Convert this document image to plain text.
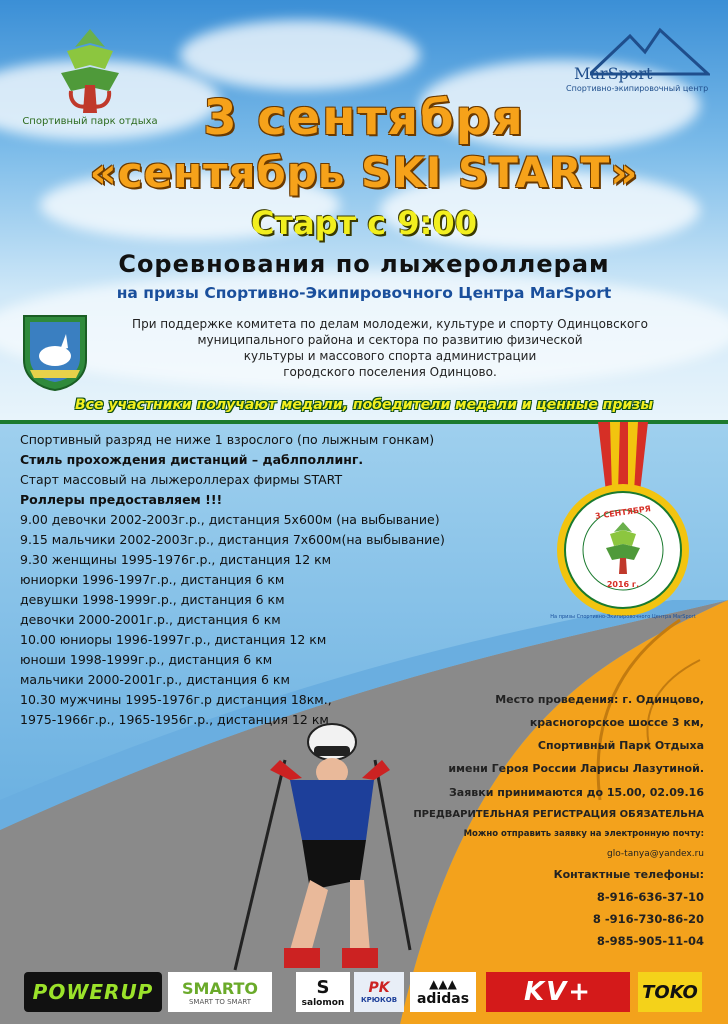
Спортивный парк отдыха
MarSport
Спортивно-экипировочный центр
3 сентября
«сентябрь SKI START»
Старт с 9:00
Соревнования по лыжероллерам
на призы Спортивно-Экипировочного Центра MarSport
При поддержке комитета по делам молодежи, культуре и спорту Одинцовского
муниципального района и сектора по развитию физической
культуры и массового спорта администрации
городского поселения Одинцово.
Все участники получают медали, победители медали и ценные призы
Спортивный разряд не ниже 1 взрослого (по лыжным гонкам)
Стиль прохождения дистанций – даблполлинг.
Старт массовый на лыжероллерах фирмы START
Роллеры предоставляем !!!
9.00 девочки 2002-2003г.р., дистанция 5х600м (на выбывание)
9.15 мальчики 2002-2003г.р., дистанция 7х600м(на выбывание)
9.30 женщины 1995-1976г.р., дистанция 12 км
юниорки 1996-1997г.р., дистанция 6 км
девушки 1998-1999г.р., дистанция 6 км
девочки 2000-2001г.р., дистанция 6 км
10.00 юниоры 1996-1997г.р., дистанция 12 км
юноши 1998-1999г.р., дистанция 6 км
мальчики 2000-2001г.р., дистанция 6 км
10.30 мужчины 1995-1976г.р дистанция 18км.,
1975-1966г.р., 1965-1956г.р., дистанция 12 км
3 СЕНТЯБРЯ
2016 г.
На призы Спортивно-Экипировочного Центра MarSport
Место проведения: г. Одинцово,
красногорское шоссе 3 км,
Спортивный Парк Отдыха
имени Героя России Ларисы Лазутиной.
Заявки принимаются до 15.00, 02.09.16
ПРЕДВАРИТЕЛЬНАЯ РЕГИСТРАЦИЯ ОБЯЗАТЕЛЬНА
Можно отправить заявку на электронную почту:
glo-tanya@yandex.ru
Контактные телефоны:
8-916-636-37-10
8 -916-730-86-20
8-985-905-11-04
POWERUP SMARTO
SMART TO SMART
S
salomon
PK
КРЮКОВ
▲▲▲
adidas KV+	TOKO
